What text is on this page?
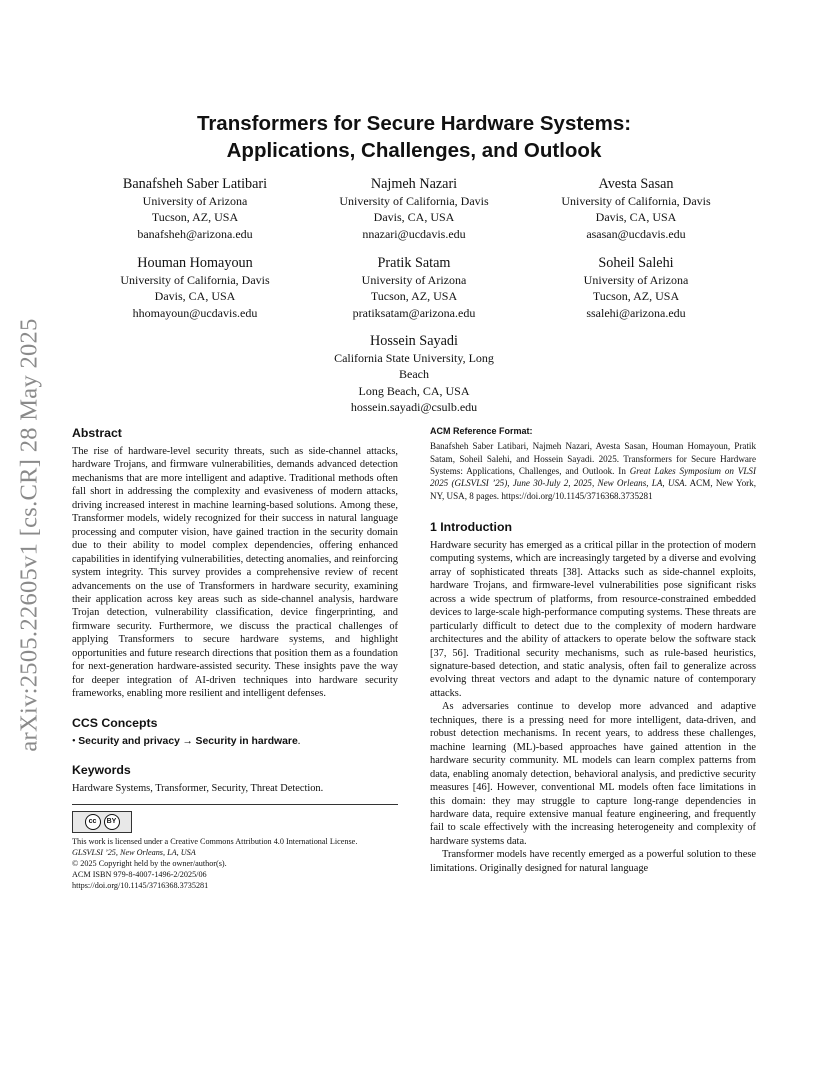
arXiv:2505.22605v1 [cs.CR] 28 May 2025
Transformers for Secure Hardware Systems:
Applications, Challenges, and Outlook
Banafsheh Saber Latibari
University of Arizona
Tucson, AZ, USA
banafsheh@arizona.edu
Najmeh Nazari
University of California, Davis
Davis, CA, USA
nnazari@ucdavis.edu
Avesta Sasan
University of California, Davis
Davis, CA, USA
asasan@ucdavis.edu
Houman Homayoun
University of California, Davis
Davis, CA, USA
hhomayoun@ucdavis.edu
Pratik Satam
University of Arizona
Tucson, AZ, USA
pratiksatam@arizona.edu
Soheil Salehi
University of Arizona
Tucson, AZ, USA
ssalehi@arizona.edu
Hossein Sayadi
California State University, Long
Beach
Long Beach, CA, USA
hossein.sayadi@csulb.edu
Abstract

The rise of hardware-level security threats, such as side-channel attacks, hardware Trojans, and firmware vulnerabilities, demands advanced detection mechanisms that are more intelligent and adaptive. Traditional methods often fall short in addressing the complexity and evasiveness of modern attacks, driving increased interest in machine learning-based solutions. Among these, Transformer models, widely recognized for their success in natural language processing and computer vision, have gained traction in the security domain due to their ability to model complex dependencies, offering enhanced capabilities in identifying vulnerabilities, detecting anomalies, and reinforcing system integrity. This survey provides a comprehensive review of recent advancements on the use of Transformers in hardware security, examining their application across key areas such as side-channel analysis, hardware Trojan detection, vulnerability classification, device fingerprinting, and firmware security. Furthermore, we discuss the practical challenges of applying Transformers to secure hardware systems, and highlight opportunities and future research directions that position them as a foundation for next-generation hardware-assisted security. These insights pave the way for deeper integration of AI-driven techniques into hardware security frameworks, enabling more resilient and intelligent defenses.

CCS Concepts

• Security and privacy → Security in hardware.

Keywords

Hardware Systems, Transformer, Security, Threat Detection.

cc	BY
This work is licensed under a Creative Commons Attribution 4.0 International License.
GLSVLSI ’25, New Orleans, LA, USA
© 2025 Copyright held by the owner/author(s).
ACM ISBN 979-8-4007-1496-2/2025/06
https://doi.org/10.1145/3716368.3735281
ACM Reference Format:

Banafsheh Saber Latibari, Najmeh Nazari, Avesta Sasan, Houman Homayoun, Pratik Satam, Soheil Salehi, and Hossein Sayadi. 2025. Transformers for Secure Hardware Systems: Applications, Challenges, and Outlook. In Great Lakes Symposium on VLSI 2025 (GLSVLSI ’25), June 30-July 2, 2025, New Orleans, LA, USA. ACM, New York, NY, USA, 8 pages. https://doi.org/10.1145/3716368.3735281

1 Introduction

Hardware security has emerged as a critical pillar in the protection of modern computing systems, which are increasingly targeted by a diverse and evolving array of sophisticated threats [38]. Attacks such as side-channel exploits, hardware Trojans, and firmware-level vulnerabilities pose significant risks across a wide spectrum of platforms, from resource-constrained embedded devices to large-scale high-performance computing systems. These threats are particularly difficult to detect due to the complexity of modern hardware architectures and the ability of attackers to operate below the software stack [37, 56]. Traditional security mechanisms, such as rule-based heuristics, signature-based detection, and static analysis, often fail to generalize across evolving threat vectors and adapt to the dynamic nature of contemporary attacks.

As adversaries continue to develop more advanced and adaptive techniques, there is a pressing need for more intelligent, data-driven, and robust detection mechanisms. In recent years, to address these challenges, machine learning (ML)-based approaches have gained attention in the hardware security community. ML models can learn complex patterns from data, enabling anomaly detection, behavioral analysis, and predictive security measures [46]. However, conventional ML models often face limitations in this domain: they may struggle to capture long-range dependencies in hardware data, require extensive manual feature engineering, and frequently fail to scale effectively with the increasing heterogeneity and complexity of hardware systems data.

Transformer models have recently emerged as a powerful solution to these limitations. Originally designed for natural language
